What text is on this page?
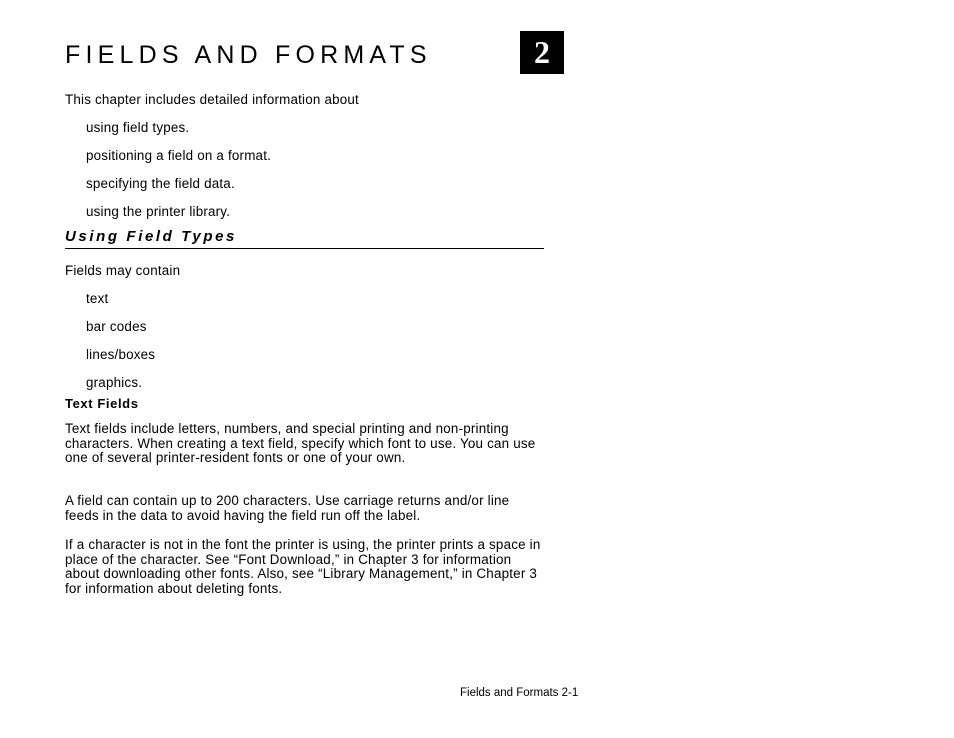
FIELDS AND FORMATS	2
This chapter includes detailed information about
using field types.
positioning a field on a format.
specifying the field data.
using the printer library.
Using Field Types
Fields may contain
text
bar codes
lines/boxes
graphics.
Text Fields
Text fields include letters, numbers, and special printing and non-printing characters. When creating a text field, specify which font to use. You can use one of several printer-resident fonts or one of your own.
A field can contain up to 200 characters. Use carriage returns and/or line feeds in the data to avoid having the field run off the label.
If a character is not in the font the printer is using, the printer prints a space in place of the character. See “Font Download,” in Chapter 3 for information about downloading other fonts. Also, see “Library Management,” in Chapter 3 for information about deleting fonts.
Fields and Formats 2-1
